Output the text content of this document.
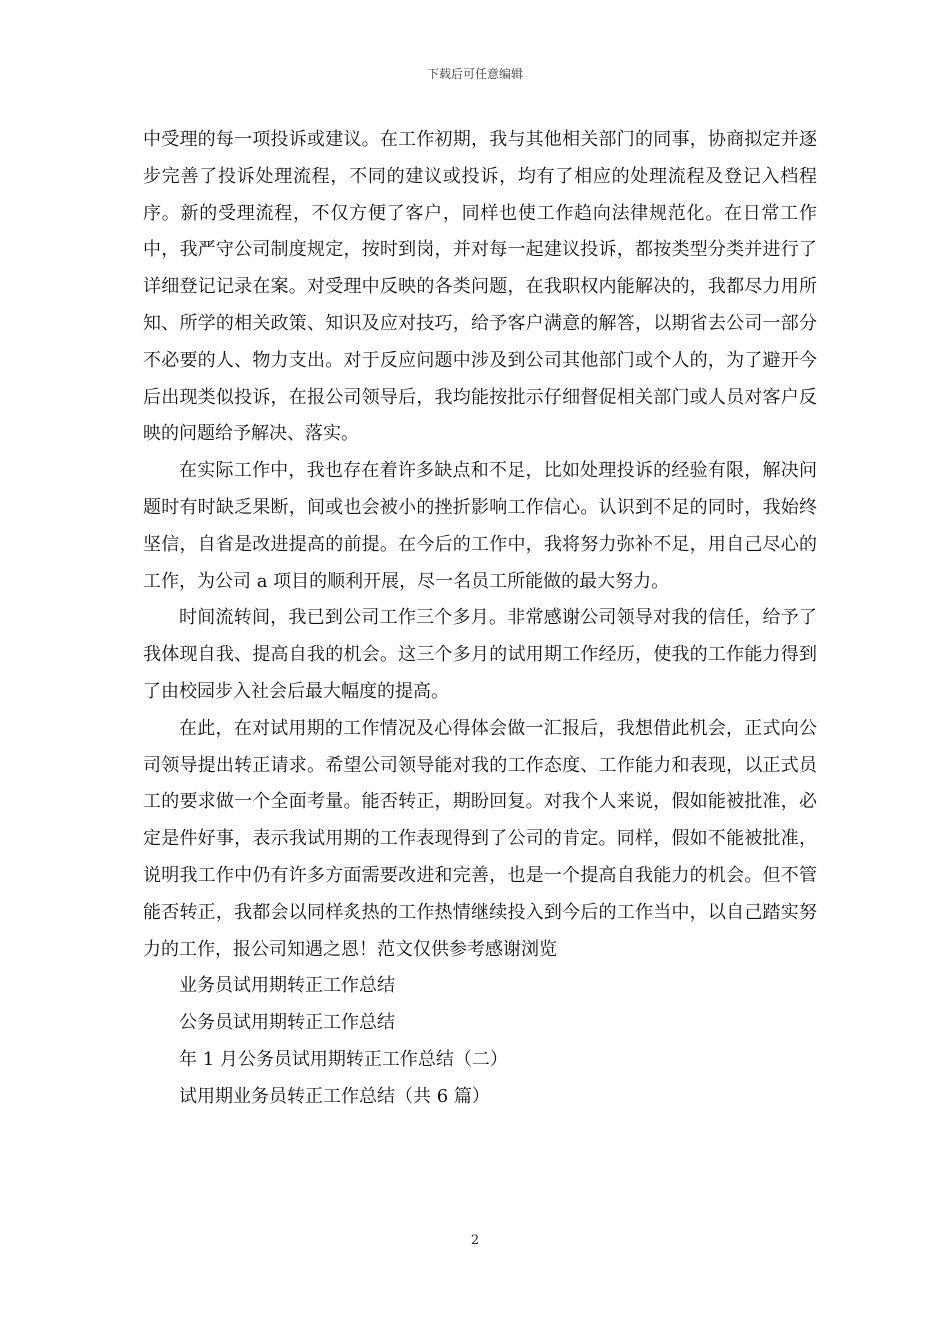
下载后可任意编辑

中受理的每一项投诉或建议。在工作初期，我与其他相关部门的同事，协商拟定并逐步完善了投诉处理流程，不同的建议或投诉，均有了相应的处理流程及登记入档程序。新的受理流程，不仅方便了客户，同样也使工作趋向法律规范化。在日常工作中，我严守公司制度规定，按时到岗，并对每一起建议投诉，都按类型分类并进行了详细登记记录在案。对受理中反映的各类问题，在我职权内能解决的，我都尽力用所知、所学的相关政策、知识及应对技巧，给予客户满意的解答，以期省去公司一部分不必要的人、物力支出。对于反应问题中涉及到公司其他部门或个人的，为了避开今后出现类似投诉，在报公司领导后，我均能按批示仔细督促相关部门或人员对客户反映的问题给予解决、落实。

在实际工作中，我也存在着许多缺点和不足，比如处理投诉的经验有限，解决问题时有时缺乏果断，间或也会被小的挫折影响工作信心。认识到不足的同时，我始终坚信，自省是改进提高的前提。在今后的工作中，我将努力弥补不足，用自己尽心的工作，为公司 a 项目的顺利开展，尽一名员工所能做的最大努力。

时间流转间，我已到公司工作三个多月。非常感谢公司领导对我的信任，给予了我体现自我、提高自我的机会。这三个多月的试用期工作经历，使我的工作能力得到了由校园步入社会后最大幅度的提高。

在此，在对试用期的工作情况及心得体会做一汇报后，我想借此机会，正式向公司领导提出转正请求。希望公司领导能对我的工作态度、工作能力和表现，以正式员工的要求做一个全面考量。能否转正，期盼回复。对我个人来说，假如能被批准，必定是件好事，表示我试用期的工作表现得到了公司的肯定。同样，假如不能被批准，说明我工作中仍有许多方面需要改进和完善，也是一个提高自我能力的机会。但不管能否转正，我都会以同样炙热的工作热情继续投入到今后的工作当中，以自己踏实努力的工作，报公司知遇之恩！范文仅供参考感谢浏览

业务员试用期转正工作总结

公务员试用期转正工作总结

年 1 月公务员试用期转正工作总结（二）

试用期业务员转正工作总结（共 6 篇）

2
